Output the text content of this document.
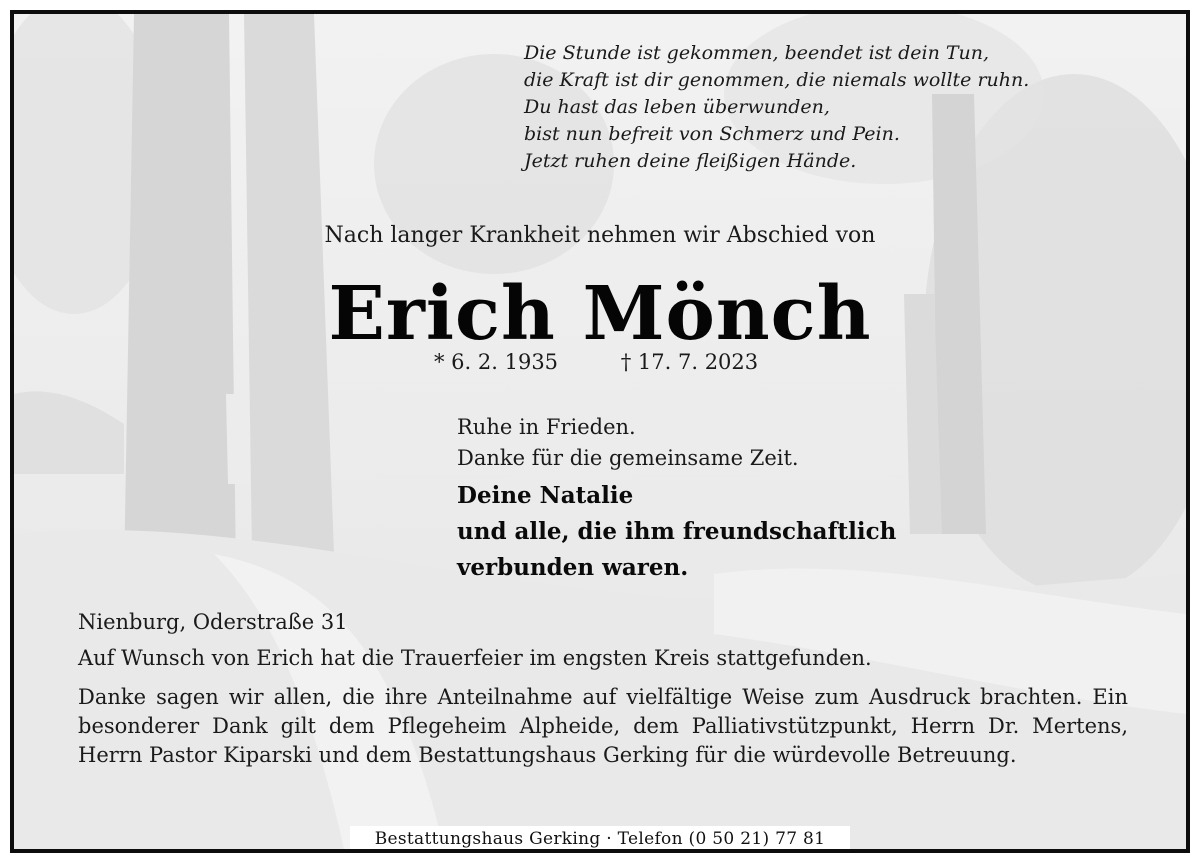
Die Stunde ist gekommen, beendet ist dein Tun,
die Kraft ist dir genommen, die niemals wollte ruhn.
Du hast das leben überwunden,
bist nun befreit von Schmerz und Pein.
Jetzt ruhen deine fleißigen Hände.
Nach langer Krankheit nehmen wir Abschied von
Erich Mönch
* 6. 2. 1935	† 17. 7. 2023
Ruhe in Frieden.
Danke für die gemeinsame Zeit.
Deine Natalie
und alle, die ihm freundschaftlich
verbunden waren.

Nienburg, Oderstraße 31

Auf Wunsch von Erich hat die Trauerfeier im engsten Kreis stattgefunden.

Danke sagen wir allen, die ihre Anteilnahme auf vielfältige Weise zum Ausdruck brachten. Ein besonderer Dank gilt dem Pflegeheim Alpheide, dem Palliativstützpunkt, Herrn Dr. Mertens, Herrn Pastor Kiparski und dem Bestattungshaus Gerking für die würdevolle Betreuung.

Bestattungshaus Gerking · Telefon (0 50 21) 77 81
